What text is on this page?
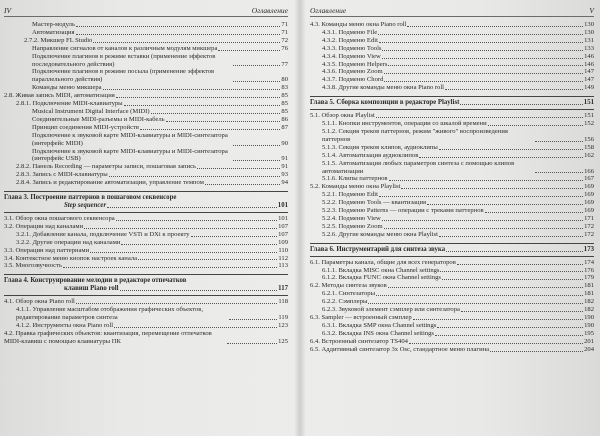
IV	Оглавление
Мастер-модуль	71
Автоматизация	71
2.7.2. Микшер FL Studio	72
Направление сигналов от каналов к различным модулям микшера	76
Подключение плагинов в режиме вставки (применение эффектов последовательного действия)	77
Подключение плагинов в режиме посыла (применение эффектов параллельного действия)	80
Команды меню микшера	83
2.8. Живая запись MIDI, автоматизация	85
2.8.1. Подключение MIDI-клавиатуры	85
Musical Instrument Digital Interface (MIDI)	85
Соединительные MIDI-разъемы и MIDI-кабель	86
Принцип соединения MIDI-устройств	87
Подключение к звуковой карте MIDI-клавиатуры и MIDI-синтезатора (интерфейс MIDI)	90
Подключение к звуковой карте MIDI-клавиатуры и MIDI-синтезатора (интерфейс USB)	91
2.8.2. Панель Recording — параметры записи, пошаговая запись	91
2.8.3. Запись с MIDI-клавиатуры	93
2.8.4. Запись и редактирование автоматизации, управление темпом	94
Глава 3. Построение паттернов в пошаговом секвенсоре
Step sequencer	101
3.1. Обзор окна пошагового секвенсора	101
3.2. Операции над каналами	107
3.2.1. Добавление канала, подключение VSTi и DXi к проекту	107
3.2.2. Другие операции над каналами	109
3.3. Операции над паттернами	110
3.4. Контекстное меню кнопок настроек канала	112
3.5. Многозвучность	113
Глава 4. Конструирование мелодии в редакторе отпечатков
клавиш Piano roll	117
4.1. Обзор окна Piano roll	118
4.1.1. Управление масштабом отображения графических объектов, редактирование параметров синтеза	119
4.1.2. Инструменты окна Piano roll	123
4.2. Правка графических объектов: квантизация, перемещение отпечатков MIDI-клавиш с помощью клавиатуры ПК	125
Оглавление	V
4.3. Команды меню окна Piano roll	130
4.3.1. Подменю File	130
4.3.2. Подменю Edit	131
4.3.3. Подменю Tools	133
4.3.4. Подменю View	146
4.3.5. Подменю Helpers	146
4.3.6. Подменю Zoom	147
4.3.7. Подменю Chord	147
4.3.8. Другие команды меню окна Piano roll	149
Глава 5. Сборка композиции в редакторе Playlist	151
5.1. Обзор окна Playlist	151
5.1.1. Кнопки инструментов, операции со шкалой времени	152
5.1.2. Секция треков паттернов, режим "живого" воспроизведения паттернов	156
5.1.3. Секция треков клипов, аудиоклипы	158
5.1.4. Автоматизация аудиоклипов	162
5.1.5. Автоматизация любых параметров синтеза с помощью клипов автоматизации	166
5.1.6. Клипы паттернов	167
5.2. Команды меню окна Playlist	169
5.2.1. Подменю Edit	169
5.2.2. Подменю Tools — квантизация	169
5.2.3. Подменю Patterns — операции с треками паттернов	169
5.2.4. Подменю View	171
5.2.5. Подменю Zoom	172
5.2.6. Другие команды меню окна Playlist	172
Глава 6. Инструментарий для синтеза звука	173
6.1. Параметры канала, общие для всех генераторов	174
6.1.1. Вкладка MISC окна Channel settings	176
6.1.2. Вкладка FUNC окна Channel settings	179
6.2. Методы синтеза звуков	181
6.2.1. Синтезаторы	181
6.2.2. Сэмплеры	182
6.2.3. Звуковой элемент сэмплер или синтезатора	182
6.3. Sampler — встроенный сэмплер	190
6.3.1. Вкладка SMP окна Channel settings	190
6.3.2. Вкладка INS окна Channel settings	195
6.4. Встроенный синтезатор TS404	201
6.5. Аддитивный синтезатор 3х Osc, стандартное меню плагина	204
